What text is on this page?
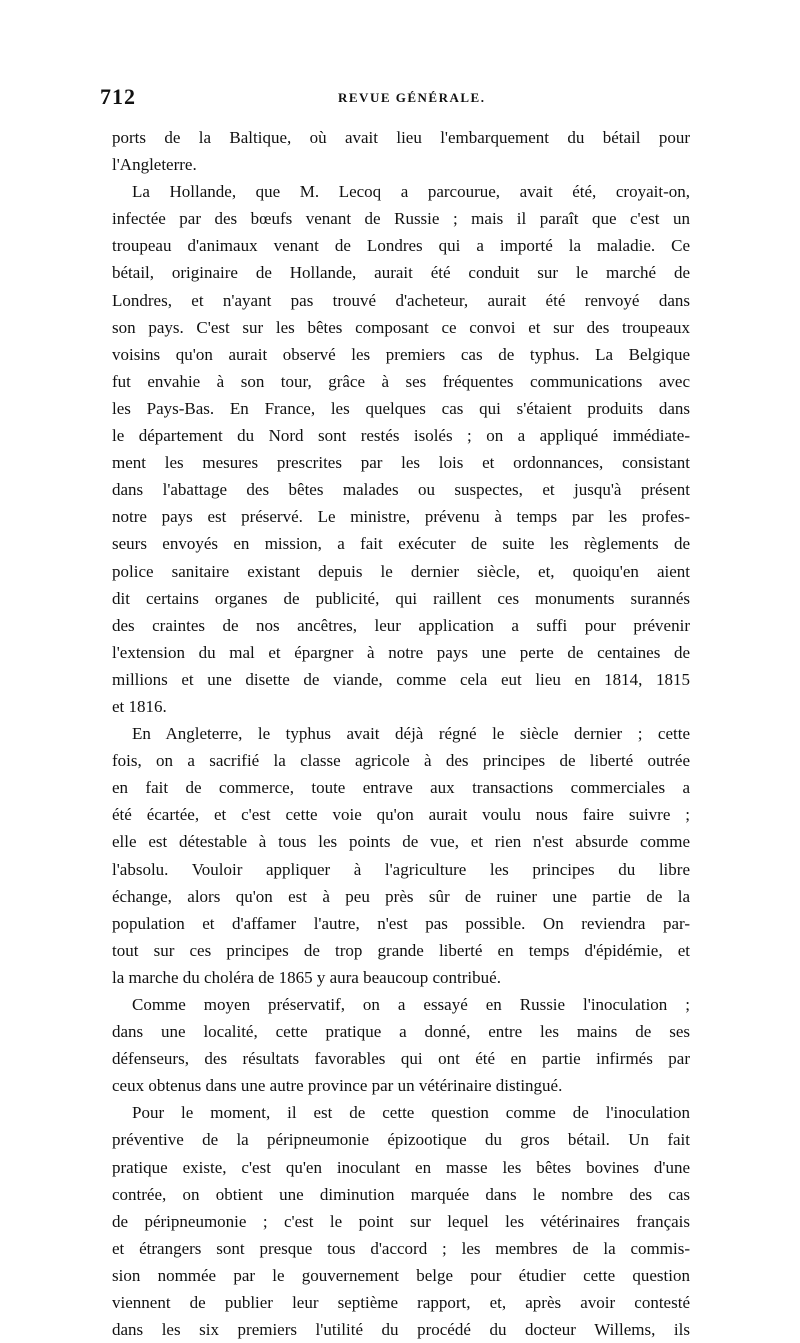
712	REVUE GÉNÉRALE.
ports de la Baltique, où avait lieu l'embarquement du bétail pour
l'Angleterre.
La Hollande, que M. Lecoq a parcourue, avait été, croyait-on,
infectée par des bœufs venant de Russie ; mais il paraît que c'est un
troupeau d'animaux venant de Londres qui a importé la maladie. Ce
bétail, originaire de Hollande, aurait été conduit sur le marché de
Londres, et n'ayant pas trouvé d'acheteur, aurait été renvoyé dans
son pays. C'est sur les bêtes composant ce convoi et sur des troupeaux
voisins qu'on aurait observé les premiers cas de typhus. La Belgique
fut envahie à son tour, grâce à ses fréquentes communications avec
les Pays-Bas. En France, les quelques cas qui s'étaient produits dans
le département du Nord sont restés isolés ; on a appliqué immédiate-
ment les mesures prescrites par les lois et ordonnances, consistant
dans l'abattage des bêtes malades ou suspectes, et jusqu'à présent
notre pays est préservé. Le ministre, prévenu à temps par les profes-
seurs envoyés en mission, a fait exécuter de suite les règlements de
police sanitaire existant depuis le dernier siècle, et, quoiqu'en aient
dit certains organes de publicité, qui raillent ces monuments surannés
des craintes de nos ancêtres, leur application a suffi pour prévenir
l'extension du mal et épargner à notre pays une perte de centaines de
millions et une disette de viande, comme cela eut lieu en 1814, 1815
et 1816.
En Angleterre, le typhus avait déjà régné le siècle dernier ; cette
fois, on a sacrifié la classe agricole à des principes de liberté outrée
en fait de commerce, toute entrave aux transactions commerciales a
été écartée, et c'est cette voie qu'on aurait voulu nous faire suivre ;
elle est détestable à tous les points de vue, et rien n'est absurde comme
l'absolu. Vouloir appliquer à l'agriculture les principes du libre
échange, alors qu'on est à peu près sûr de ruiner une partie de la
population et d'affamer l'autre, n'est pas possible. On reviendra par-
tout sur ces principes de trop grande liberté en temps d'épidémie, et
la marche du choléra de 1865 y aura beaucoup contribué.
Comme moyen préservatif, on a essayé en Russie l'inoculation ;
dans une localité, cette pratique a donné, entre les mains de ses
défenseurs, des résultats favorables qui ont été en partie infirmés par
ceux obtenus dans une autre province par un vétérinaire distingué.
Pour le moment, il est de cette question comme de l'inoculation
préventive de la péripneumonie épizootique du gros bétail. Un fait
pratique existe, c'est qu'en inoculant en masse les bêtes bovines d'une
contrée, on obtient une diminution marquée dans le nombre des cas
de péripneumonie ; c'est le point sur lequel les vétérinaires français
et étrangers sont presque tous d'accord ; les membres de la commis-
sion nommée par le gouvernement belge pour étudier cette question
viennent de publier leur septième rapport, et, après avoir contesté
dans les six premiers l'utilité du procédé du docteur Willems, ils
